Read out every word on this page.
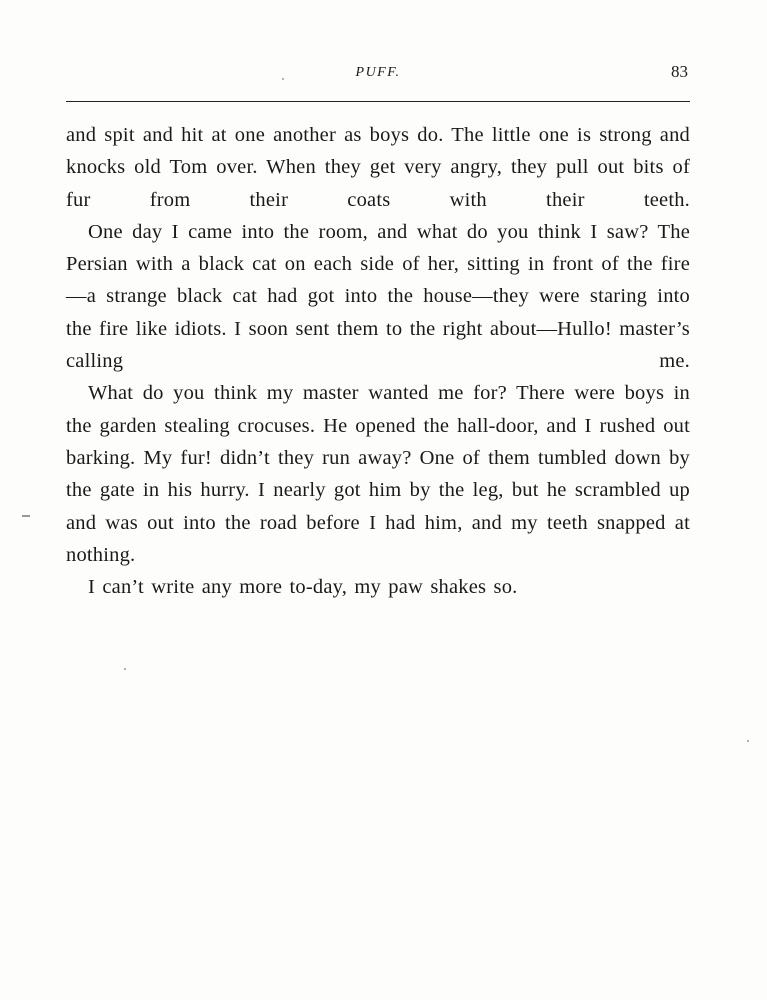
PUFF.	83

and spit and hit at one another as boys do. The little one is strong and knocks old Tom over. When they get very angry, they pull out bits of fur from their coats with their teeth.

One day I came into the room, and what do you think I saw? The Persian with a black cat on each side of her, sitting in front of the fire—a strange black cat had got into the house—they were staring into the fire like idiots. I soon sent them to the right about—Hullo! master’s calling me.

What do you think my master wanted me for? There were boys in the garden stealing crocuses. He opened the hall-door, and I rushed out barking. My fur! didn’t they run away? One of them tumbled down by the gate in his hurry. I nearly got him by the leg, but he scrambled up and was out into the road before I had him, and my teeth snapped at nothing.

I can’t write any more to-day, my paw shakes so.
